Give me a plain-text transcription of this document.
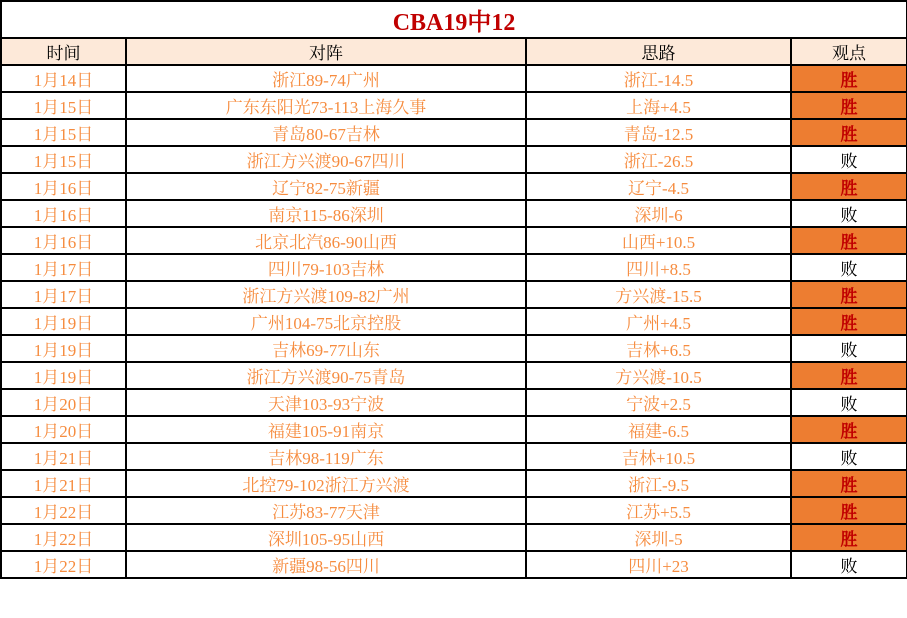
CBA19中12			
时间	对阵	思路	观点
1月14日	浙江89-74广州	浙江-14.5	胜
1月15日	广东东阳光73-113上海久事	上海+4.5	胜
1月15日	青岛80-67吉林	青岛-12.5	胜
1月15日	浙江方兴渡90-67四川	浙江-26.5	败
1月16日	辽宁82-75新疆	辽宁-4.5	胜
1月16日	南京115-86深圳	深圳-6	败
1月16日	北京北汽86-90山西	山西+10.5	胜
1月17日	四川79-103吉林	四川+8.5	败
1月17日	浙江方兴渡109-82广州	方兴渡-15.5	胜
1月19日	广州104-75北京控股	广州+4.5	胜
1月19日	吉林69-77山东	吉林+6.5	败
1月19日	浙江方兴渡90-75青岛	方兴渡-10.5	胜
1月20日	天津103-93宁波	宁波+2.5	败
1月20日	福建105-91南京	福建-6.5	胜
1月21日	吉林98-119广东	吉林+10.5	败
1月21日	北控79-102浙江方兴渡	浙江-9.5	胜
1月22日	江苏83-77天津	江苏+5.5	胜
1月22日	深圳105-95山西	深圳-5	胜
1月22日	新疆98-56四川	四川+23	败
